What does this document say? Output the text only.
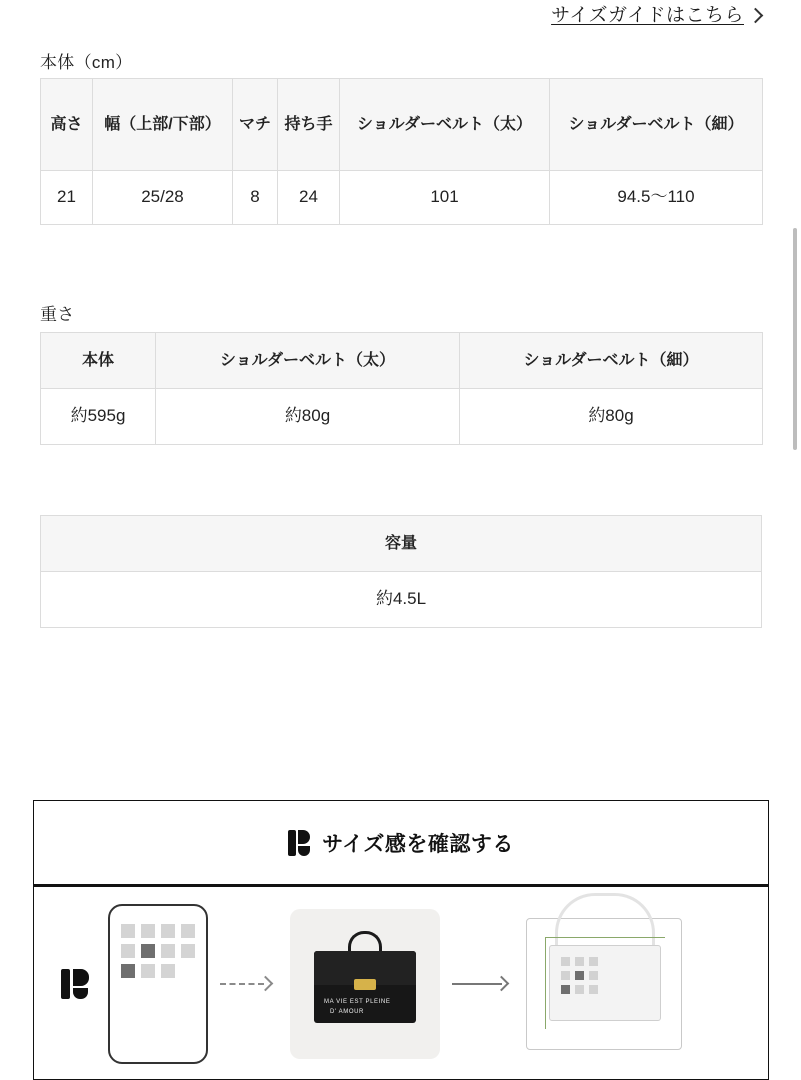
サイズガイドはこちら
本体（cm）
高さ	幅（上部/下部）	マチ	持ち手	ショルダーベルト（太）	ショルダーベルト（細）
21	25/28	8	24	101	94.5〜110
重さ
本体	ショルダーベルト（太）	ショルダーベルト（細）
約595g	約80g	約80g
容量
約4.5L
サイズ感を確認する
MA VIE EST PLEINE
D' AMOUR
